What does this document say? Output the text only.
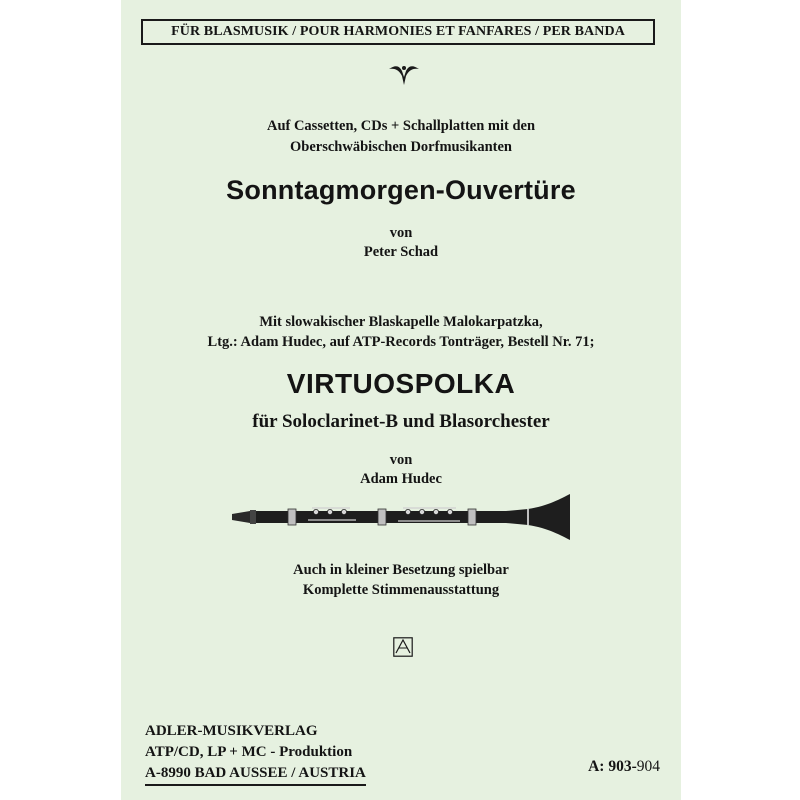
FÜR BLASMUSIK / POUR HARMONIES ET FANFARES / PER BANDA
Auf Cassetten, CDs + Schallplatten mit den
Oberschwäbischen Dorfmusikanten
Sonntagmorgen-Ouvertüre
von
Peter Schad
Mit slowakischer Blaskapelle Malokarpatzka,
Ltg.: Adam Hudec, auf ATP-Records Tonträger, Bestell Nr. 71;
VIRTUOSPOLKA
für Soloclarinet-B und Blasorchester
von
Adam Hudec
Auch in kleiner Besetzung spielbar
Komplette Stimmenausstattung
ADLER-MUSIKVERLAG
ATP/CD, LP + MC - Produktion
A-8990 BAD AUSSEE / AUSTRIA	A: 903-904
